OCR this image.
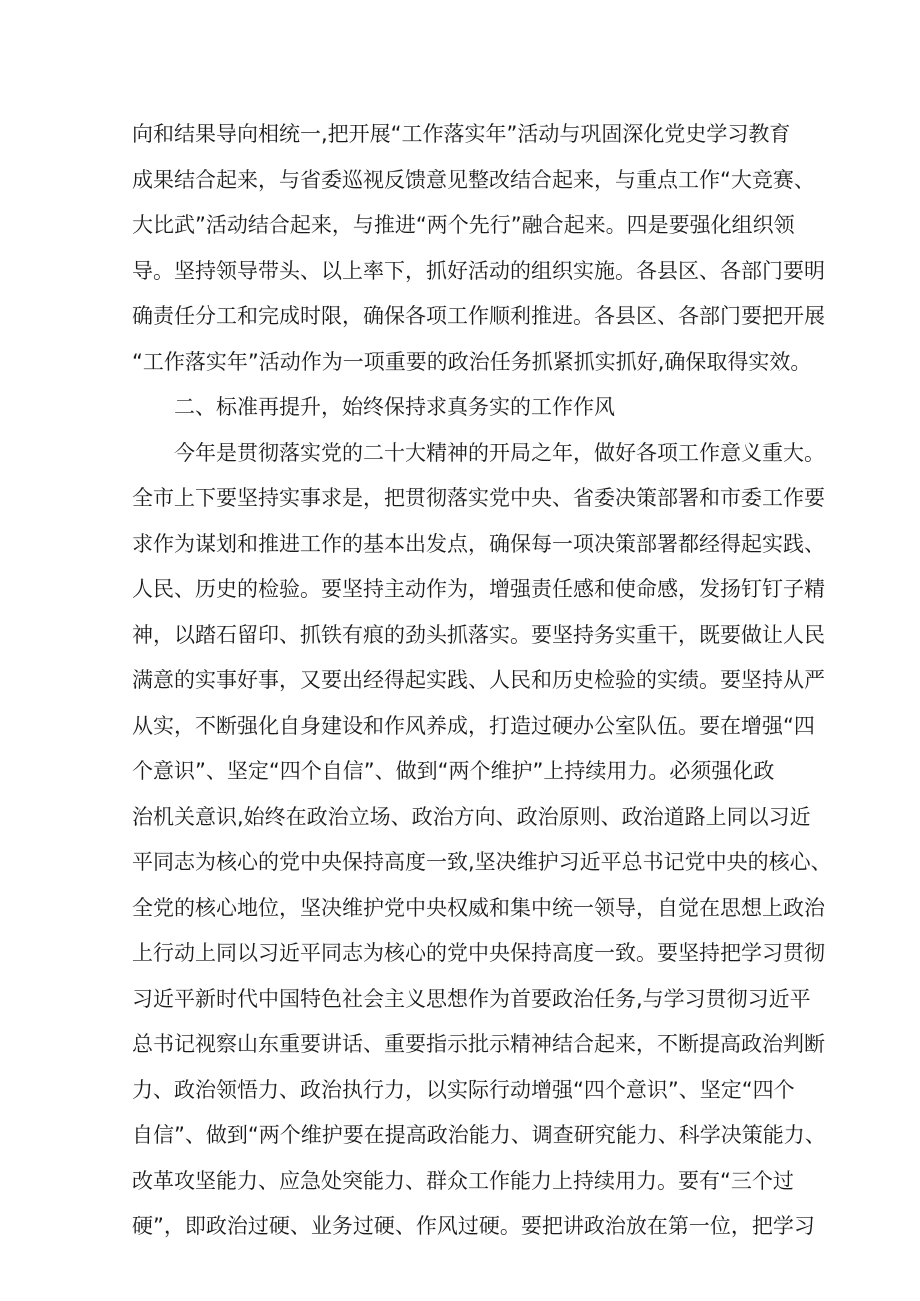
向和结果导向相统一,把开展“工作落实年”活动与巩固深化党史学习教育
成果结合起来，与省委巡视反馈意见整改结合起来，与重点工作“大竞赛、
大比武”活动结合起来，与推进“两个先行”融合起来。四是要强化组织领
导。坚持领导带头、以上率下，抓好活动的组织实施。各县区、各部门要明
确责任分工和完成时限，确保各项工作顺利推进。各县区、各部门要把开展
“工作落实年”活动作为一项重要的政治任务抓紧抓实抓好,确保取得实效。
二、标准再提升，始终保持求真务实的工作作风
今年是贯彻落实党的二十大精神的开局之年，做好各项工作意义重大。
全市上下要坚持实事求是，把贯彻落实党中央、省委决策部署和市委工作要
求作为谋划和推进工作的基本出发点，确保每一项决策部署都经得起实践、
人民、历史的检验。要坚持主动作为，增强责任感和使命感，发扬钉钉子精
神，以踏石留印、抓铁有痕的劲头抓落实。要坚持务实重干，既要做让人民
满意的实事好事，又要出经得起实践、人民和历史检验的实绩。要坚持从严
从实，不断强化自身建设和作风养成，打造过硬办公室队伍。要在增强“四
个意识”、坚定“四个自信”、做到“两个维护”上持续用力。必须强化政
治机关意识,始终在政治立场、政治方向、政治原则、政治道路上同以习近
平同志为核心的党中央保持高度一致,坚决维护习近平总书记党中央的核心、
全党的核心地位，坚决维护党中央权威和集中统一领导，自觉在思想上政治
上行动上同以习近平同志为核心的党中央保持高度一致。要坚持把学习贯彻
习近平新时代中国特色社会主义思想作为首要政治任务,与学习贯彻习近平
总书记视察山东重要讲话、重要指示批示精神结合起来，不断提高政治判断
力、政治领悟力、政治执行力，以实际行动增强“四个意识”、坚定“四个
自信”、做到“两个维护要在提高政治能力、调查研究能力、科学决策能力、
改革攻坚能力、应急处突能力、群众工作能力上持续用力。要有“三个过
硬”，即政治过硬、业务过硬、作风过硬。要把讲政治放在第一位，把学习
